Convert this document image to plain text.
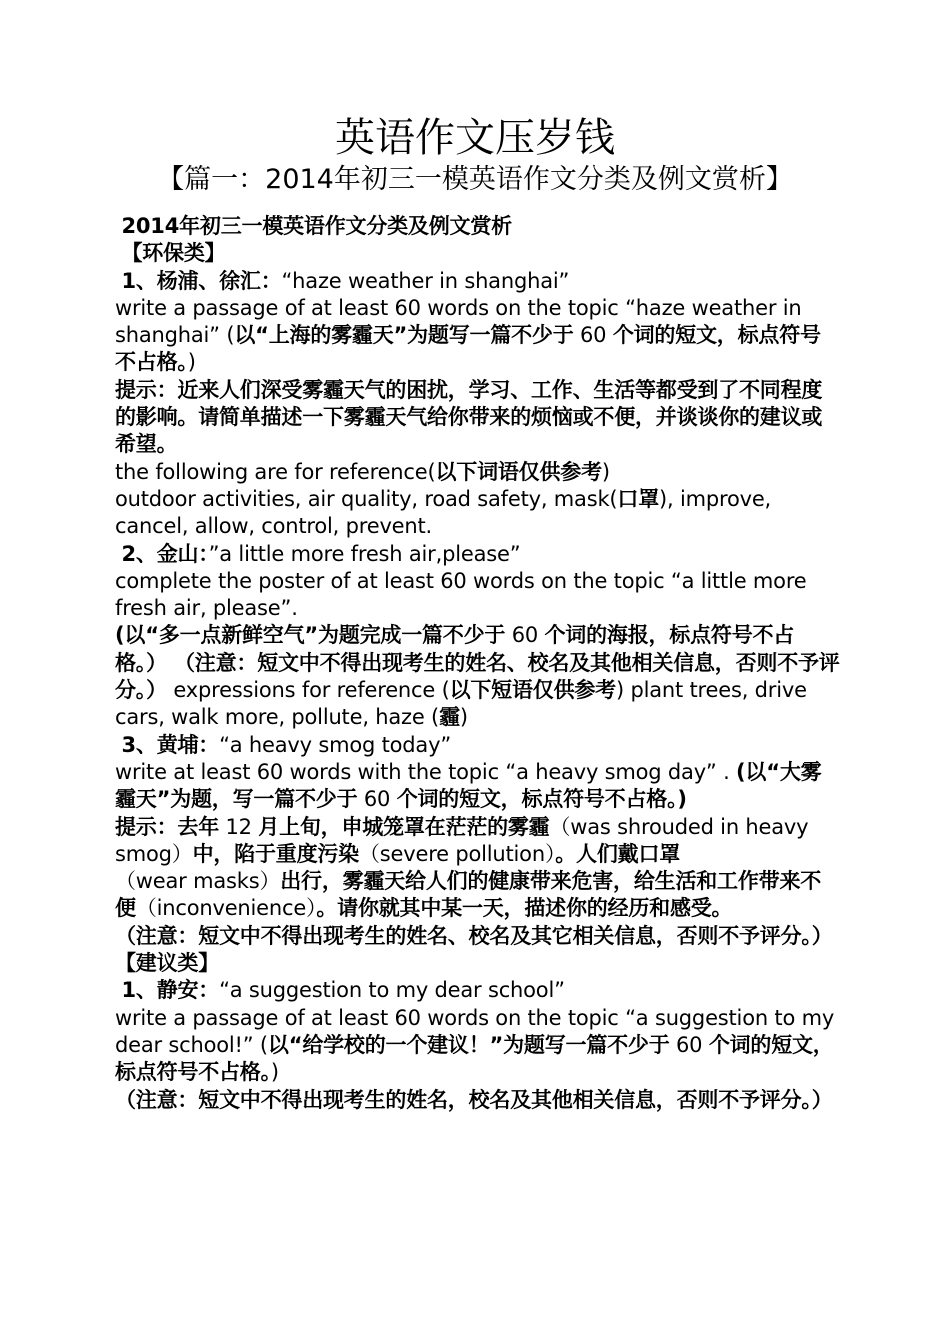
英语作文压岁钱
【篇一：2014年初三一模英语作文分类及例文赏析】

2014年初三一模英语作文分类及例文赏析

【环保类】

1、杨浦、徐汇：“haze weather in shanghai”

write a passage of at least 60 words on the topic “haze weather in shanghai” (以“上海的雾霾天”为题写一篇不少于 60 个词的短文，标点符号不占格。)

提示：近来人们深受雾霾天气的困扰，学习、工作、生活等都受到了不同程度的影响。请简单描述一下雾霾天气给你带来的烦恼或不便，并谈谈你的建议或希望。

the following are for reference(以下词语仅供参考)

outdoor activities, air quality, road safety, mask(口罩), improve, cancel, allow, control, prevent.

2、金山：”a little more fresh air,please”

complete the poster of at least 60 words on the topic “a little more fresh air, please”.

(以“多一点新鲜空气”为题完成一篇不少于 60 个词的海报，标点符号不占格。） （注意：短文中不得出现考生的姓名、校名及其他相关信息，否则不予评分。） expressions for reference (以下短语仅供参考) plant trees, drive cars, walk more, pollute, haze (霾)

3、黄埔：“a heavy smog today”

write at least 60 words with the topic “a heavy smog day” . (以“大雾霾天”为题，写一篇不少于 60 个词的短文，标点符号不占格。)

提示：去年 12 月上旬，申城笼罩在茫茫的雾霾（was shrouded in heavy smog）中，陷于重度污染（severe pollution）。人们戴口罩（wear masks）出行，雾霾天给人们的健康带来危害，给生活和工作带来不便（inconvenience）。请你就其中某一天，描述你的经历和感受。

（注意：短文中不得出现考生的姓名、校名及其它相关信息，否则不予评分。）

【建议类】

1、静安：“a suggestion to my dear school”

write a passage of at least 60 words on the topic “a suggestion to my dear school!” (以“给学校的一个建议！”为题写一篇不少于 60 个词的短文，标点符号不占格。)

（注意：短文中不得出现考生的姓名，校名及其他相关信息，否则不予评分。）
